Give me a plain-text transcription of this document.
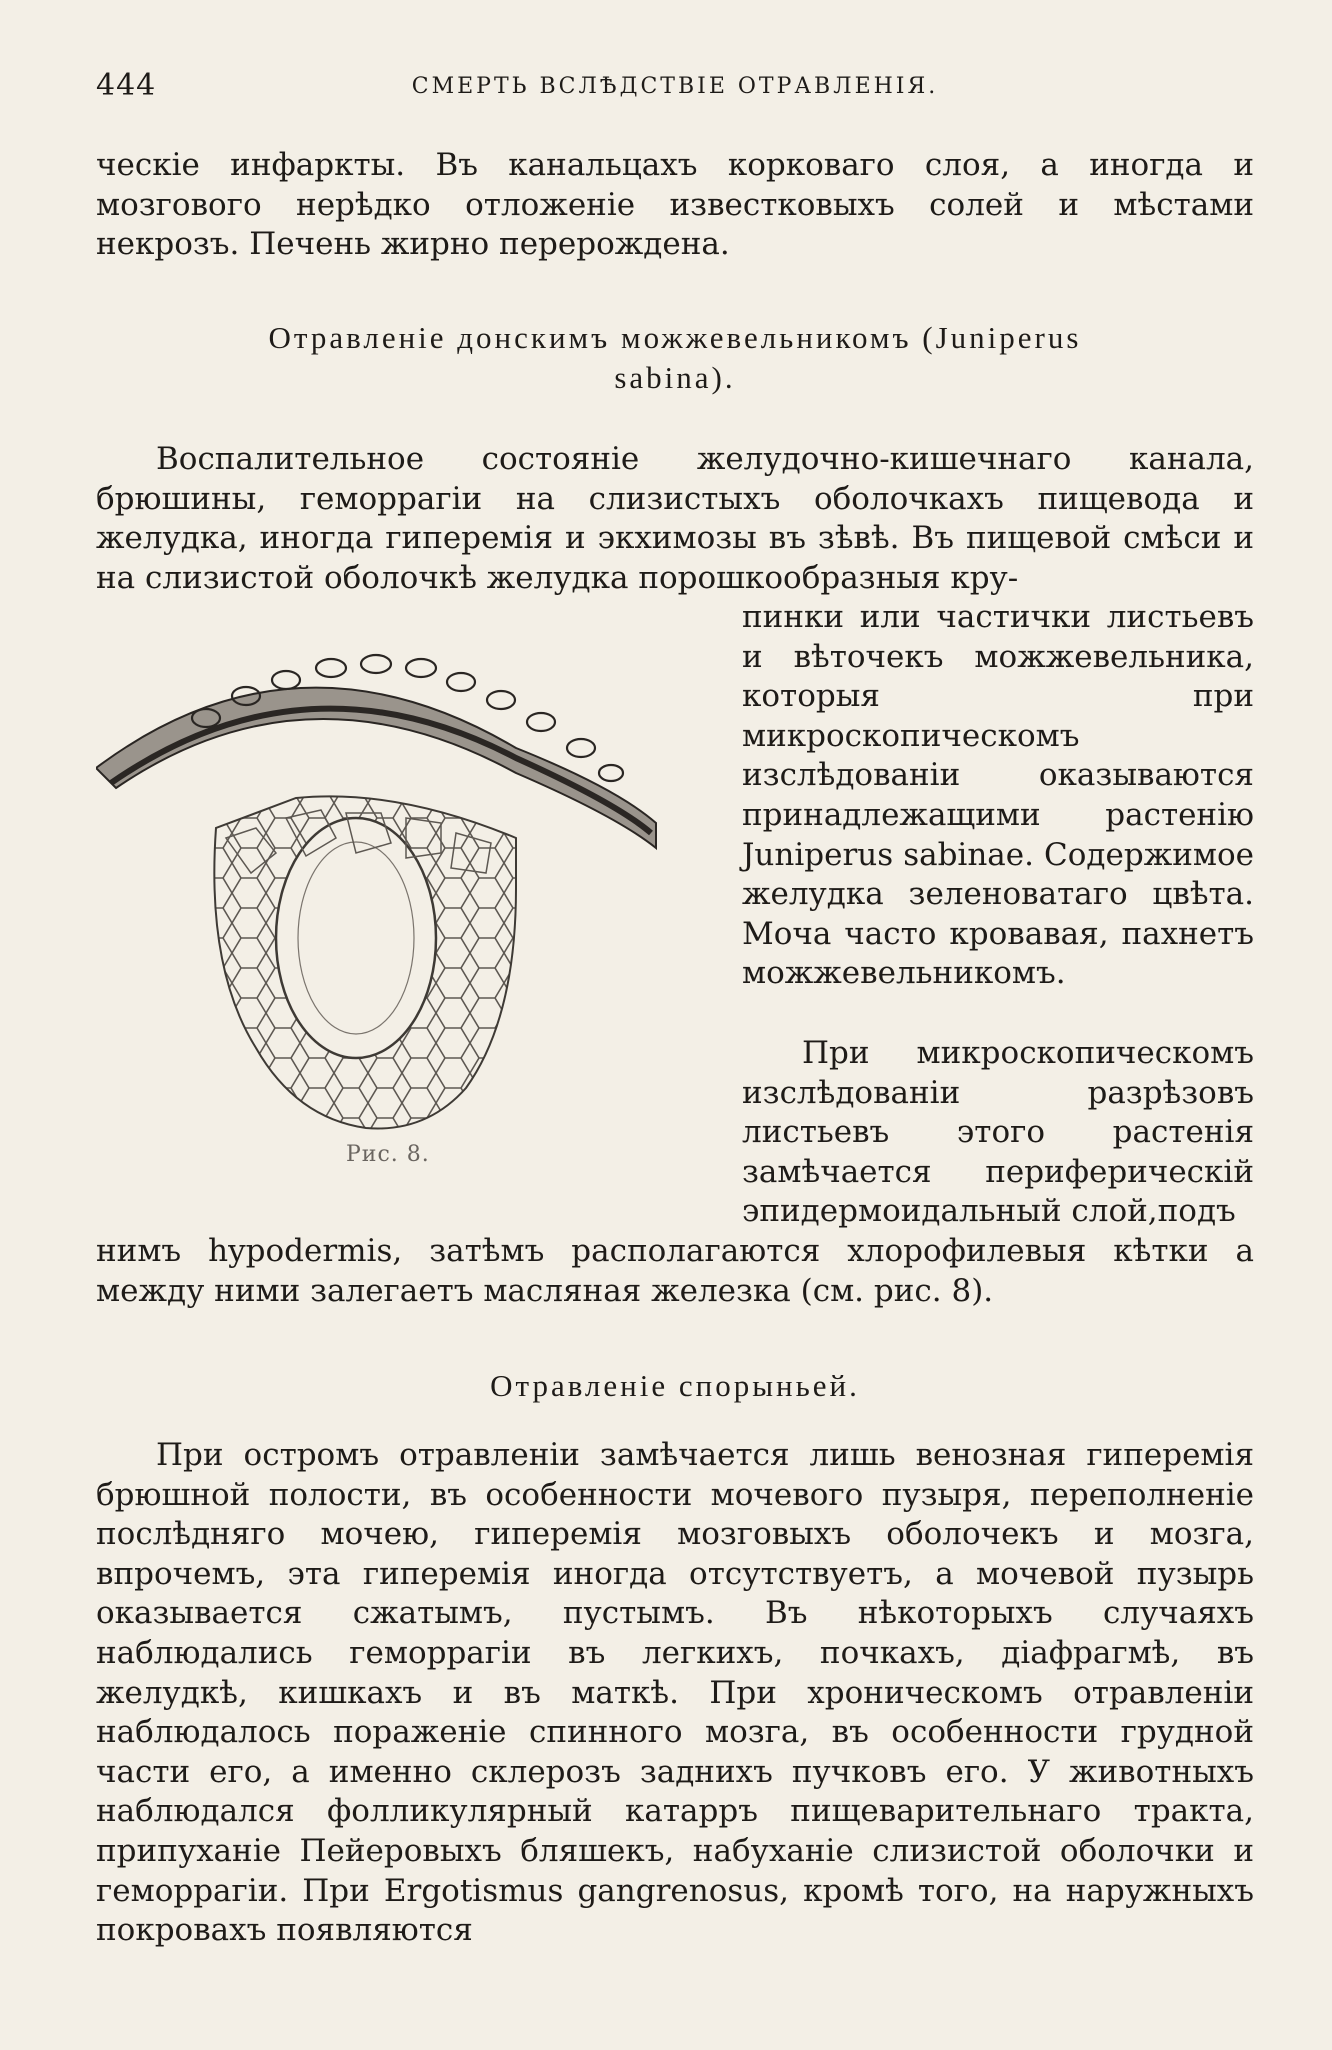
444	СМЕРТЬ ВСЛѢДСТВІЕ ОТРАВЛЕНІЯ.

ческіе инфаркты. Въ канальцахъ корковаго слоя, а иногда и мозгового нерѣдко отложеніе известковыхъ солей и мѣстами некрозъ. Печень жирно перерождена.

Отравленіе донскимъ можжевельникомъ (Juniperus

sabina).

Воспалительное состояніе желудочно-кишечнаго канала, брюшины, геморрагіи на слизистыхъ оболочкахъ пищевода и желудка, иногда гиперемія и экхимозы въ зѣвѣ. Въ пищевой смѣси и на слизистой оболочкѣ желудка порошкообразныя кру-

Рис. 8.

пинки или частички листьевъ и вѣточекъ можжевельника, которыя при микроскопическомъ изслѣдованіи оказываются принадлежащими растенію Juniperus sabinae. Содержимое желудка зеленоватаго цвѣта. Моча часто кровавая, пахнетъ можжевельникомъ.

При микроскопическомъ изслѣдованіи разрѣзовъ листьевъ этого растенія замѣчается периферическій эпидермоидальный слой,подъ

нимъ hypodermis, затѣмъ располагаются хлорофилевыя кѣтки а между ними залегаетъ масляная железка (см. рис. 8).

Отравленіе спорыньей.

При остромъ отравленіи замѣчается лишь венозная гиперемія брюшной полости, въ особенности мочевого пузыря, переполненіе послѣдняго мочею, гиперемія мозговыхъ оболочекъ и мозга, впрочемъ, эта гиперемія иногда отсутствуетъ, а мочевой пузырь оказывается сжатымъ, пустымъ. Въ нѣкоторыхъ случаяхъ наблюдались геморрагіи въ легкихъ, почкахъ, діафрагмѣ, въ желудкѣ, кишкахъ и въ маткѣ. При хроническомъ отравленіи наблюдалось пораженіе спинного мозга, въ особенности грудной части его, а именно склерозъ заднихъ пучковъ его. У животныхъ наблюдался фолликулярный катарръ пищеварительнаго тракта, припуханіе Пейеровыхъ бляшекъ, набуханіе слизистой оболочки и геморрагіи. При Ergotismus gangrenosus, кромѣ того, на наружныхъ покровахъ появляются
